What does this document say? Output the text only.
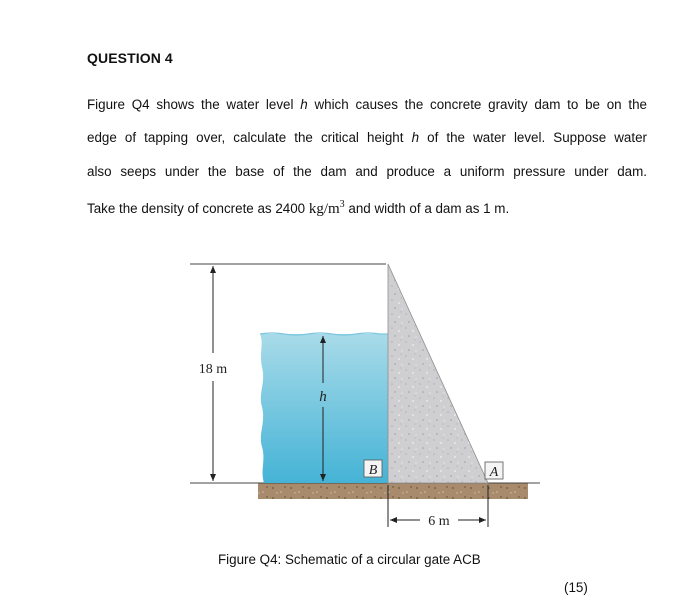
QUESTION 4
Figure Q4 shows the water level h which causes the concrete gravity dam to be on the
edge of tapping over, calculate the critical height h of the water level. Suppose water
also seeps under the base of the dam and produce a uniform pressure under dam.
Take the density of concrete as 2400 $kg/m^3$ and width of a dam as 1 m.
18 m
h
B	A
6 m
Figure Q4: Schematic of a circular gate ACB
(15)
